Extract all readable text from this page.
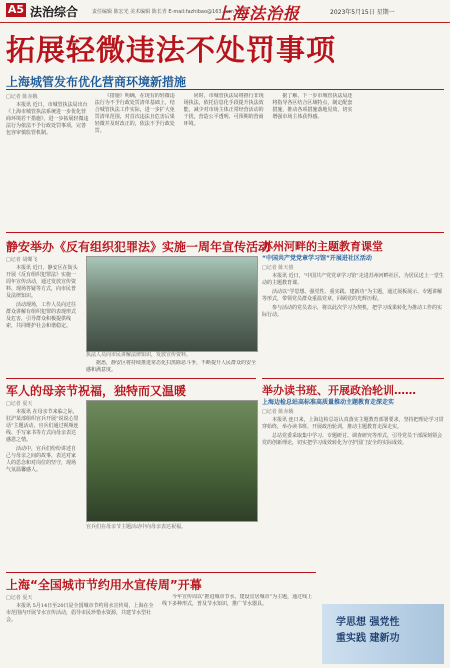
A5 法治综合	责任编辑 陈宏光 美术编辑 陈长青 E-mail:fazhibao@163.com
上海法治报	2023年5月15日 星期一
拓展轻微违法不处罚事项
上海城管发布优化营商环境新措施
□记者 陈赤娥

本报讯 近日，市城管执法局出台《上海市城管执法系统进一步优化营商环境若干措施》，进一步拓展轻微违法行为依法不予行政处罚事项，完善包容审慎监管机制。

《措施》明确，在现有的轻微违法行为不予行政处罚清单基础上，结合城管执法工作实际，进一步扩大免罚清单范围，对首次违法且危害后果轻微并及时改正的，依法不予行政处罚。

同时，市城管执法局将推行非现场执法，依托信息化手段提升执法效能，减少对市场主体正常经营活动的干扰，营造公平透明、可预期的营商环境。

据了解，下一步市城管执法局还将指导各区结合区域特点，制定配套措施，推动各项措施落地见效，切实增强市场主体获得感。

静安举办《反有组织犯罪法》实施一周年宣传活动
□记者 胡蝶飞

本报讯 近日，静安区在街头开展《反有组织犯罪法》实施一周年宣传活动，通过发放宣传资料、现场答疑等方式，向市民普及法律知识。

活动现场，工作人员向过往群众讲解有组织犯罪的表现形式及危害，引导群众积极提供线索，共同维护社会和谐稳定。

执法人员向市民讲解法律知识，发放宣传资料。

据悉，静安区将持续推进常态化扫黑除恶斗争，不断提升人民群众的安全感和满意度。

军人的母亲节祝福，独特而又温暖
□记者 夏天

本报讯 在母亲节来临之际，驻沪某部组织官兵开展“说说心里话”主题活动，官兵们通过视频连线、手写家书等方式向母亲表达感恩之情。

活动中，官兵们纷纷讲述自己与母亲之间的故事，表达对家人的思念和对岗位的坚守，现场气氛温馨感人。

官兵们在母亲节主题活动中向母亲表达祝福。
苏州河畔的主题教育课堂
“中国共产党党章学习馆”开展进社区活动
□记者 陈天禧

本报讯 近日，“中国共产党党章学习馆”走进苏州河畔社区，为居民送上一堂生动的主题教育课。

活动以“学思想、强党性、重实践、建新功”为主题，通过展板展示、专题讲解等形式，带领党员群众重温党章，回顾党的光辉历程。

参与活动的党员表示，将以此次学习为契机，把学习成果转化为推动工作的实际行动。

举办读书班、开展政治轮训……
上海边检总站高标准高质量推动主题教育走深走实
□记者 陈赤娥

本报讯 连日来，上海边检总站认真落实主题教育部署要求，坚持把理论学习贯穿始终，举办读书班、开展政治轮训，推动主题教育走深走实。

总站党委采取集中学习、专题研讨、调查研究等形式，引导党员干部深刻领会党的创新理论，切实把学习成效转化为守护国门安全的实际成效。

上海“全国城市节约用水宣传周”开幕
□记者 夏天

本报讯 5月14日至20日是全国城市节约用水宣传周，上海在全市范围内开展节水宣传活动，倡导市民珍惜水资源，共建节水型社会。

今年宣传周以“推进城市节水，建设宜居城市”为主题，通过线上线下多种形式，普及节水知识，推广节水器具。

学思想 强党性
重实践 建新功
